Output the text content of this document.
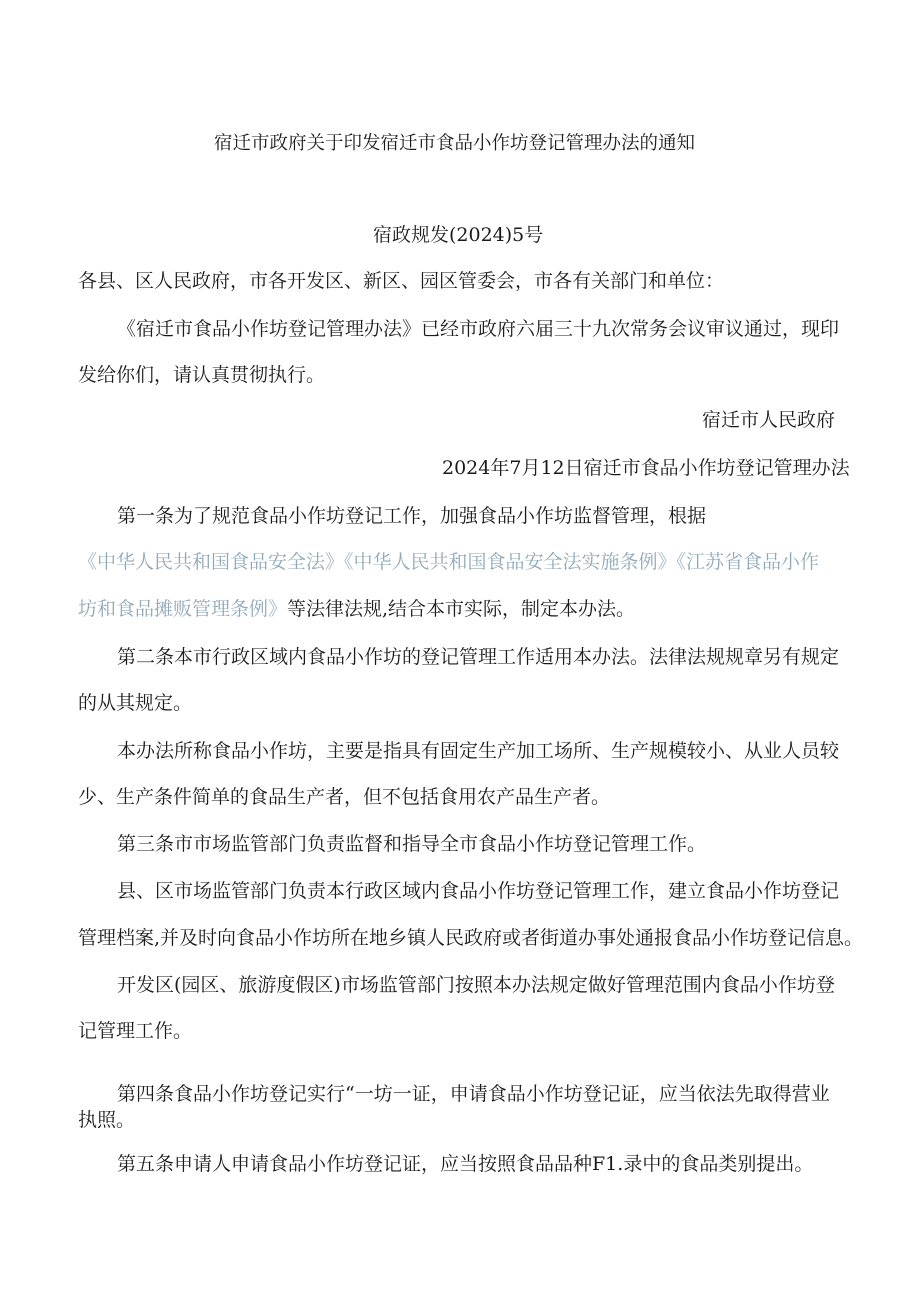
宿迁市政府关于印发宿迁市食品小作坊登记管理办法的通知
宿政规发(2024)5号
各县、区人民政府，市各开发区、新区、园区管委会，市各有关部门和单位：
《宿迁市食品小作坊登记管理办法》已经市政府六届三十九次常务会议审议通过，现印
发给你们，请认真贯彻执行。
宿迁市人民政府
2024年7月12日宿迁市食品小作坊登记管理办法
第一条为了规范食品小作坊登记工作，加强食品小作坊监督管理，根据
《中华人民共和国食品安全法》《中华人民共和国食品安全法实施条例》《江苏省食品小作
坊和食品摊贩管理条例》等法律法规,结合本市实际，制定本办法。
第二条本市行政区域内食品小作坊的登记管理工作适用本办法。法律法规规章另有规定
的从其规定。
本办法所称食品小作坊，主要是指具有固定生产加工场所、生产规模较小、从业人员较
少、生产条件简单的食品生产者，但不包括食用农产品生产者。
第三条市市场监管部门负责监督和指导全市食品小作坊登记管理工作。
县、区市场监管部门负责本行政区域内食品小作坊登记管理工作，建立食品小作坊登记
管理档案,并及时向食品小作坊所在地乡镇人民政府或者街道办事处通报食品小作坊登记信息。
开发区(园区、旅游度假区)市场监管部门按照本办法规定做好管理范围内食品小作坊登
记管理工作。
第四条食品小作坊登记实行“一坊一证，申请食品小作坊登记证，应当依法先取得营业
执照。
第五条申请人申请食品小作坊登记证，应当按照食品品种F1.录中的食品类别提出。
